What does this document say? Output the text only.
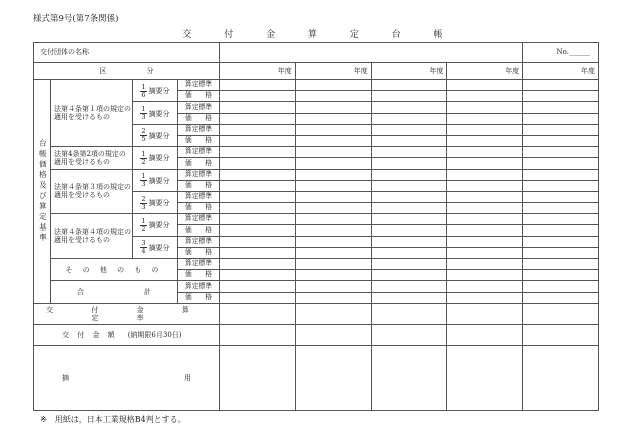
様式第9号(第7条関係)
交 付 金 算 定 台 帳
交付団体の名称								No.______
区分				年度	年度	年度	年度	年度

台帳価格及び算定基準	法第４条第１項の規定の適用を受けるもの	$\frac{1}{6}$ 摘要分	算定標準					
			価　　格					

		$\frac{1}{3}$ 摘要分	算定標準					
			価　　格					

		$\frac{2}{5}$ 摘要分	算定標準					
			価　　格					
	法第4条第2項の規定の適用を受けるもの	$\frac{1}{2}$ 摘要分	算定標準					
			価　　格					
	法第４条第３項の規定の適用を受けるもの	$\frac{1}{3}$ 摘要分	算定標準					
			価　　格					

		$\frac{2}{3}$ 摘要分	算定標準					
			価　　格					
	法第４条第４項の規定の適用を受けるもの	$\frac{1}{2}$ 摘要分	算定標準					
			価　　格					

		$\frac{3}{4}$ 摘要分	算定標準					
			価　　格					
	そ の 他 の も の		算定標準					
			価　　格					
	合 計		算定標準					
			価　　格					
交 付 金 算 定 率								
交 付 金 額 (納期限6月30日)								

摘 用								

※ 用紙は，日本工業規格B4判とする。
